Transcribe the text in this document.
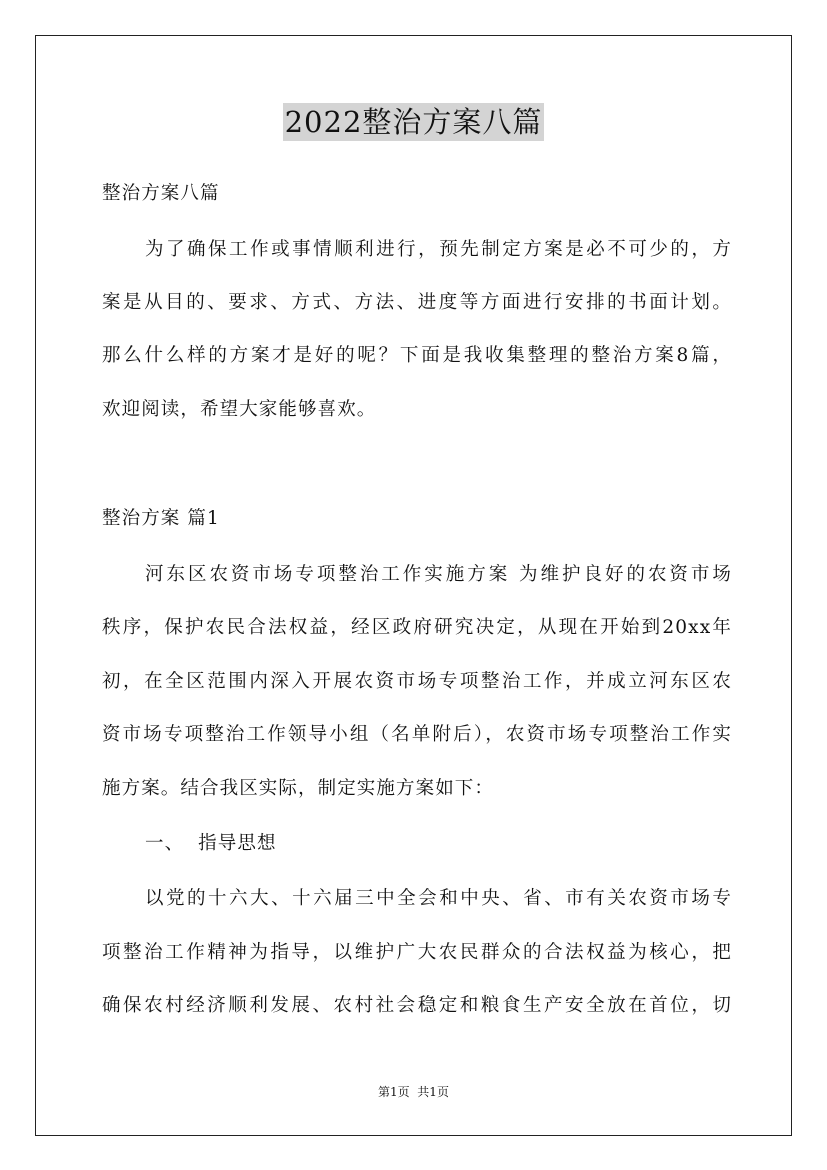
2022整治方案八篇
整治方案八篇
为了确保工作或事情顺利进行，预先制定方案是必不可少的，方
案是从目的、要求、方式、方法、进度等方面进行安排的书面计划。
那么什么样的方案才是好的呢？下面是我收集整理的整治方案8篇，
欢迎阅读，希望大家能够喜欢。
整治方案 篇1
河东区农资市场专项整治工作实施方案 为维护良好的农资市场
秩序，保护农民合法权益，经区政府研究决定，从现在开始到20xx年
初，在全区范围内深入开展农资市场专项整治工作，并成立河东区农
资市场专项整治工作领导小组（名单附后），农资市场专项整治工作实
施方案。结合我区实际，制定实施方案如下：
一、  指导思想
以党的十六大、十六届三中全会和中央、省、市有关农资市场专
项整治工作精神为指导，以维护广大农民群众的合法权益为核心，把
确保农村经济顺利发展、农村社会稳定和粮食生产安全放在首位，切
第1页  共1页
